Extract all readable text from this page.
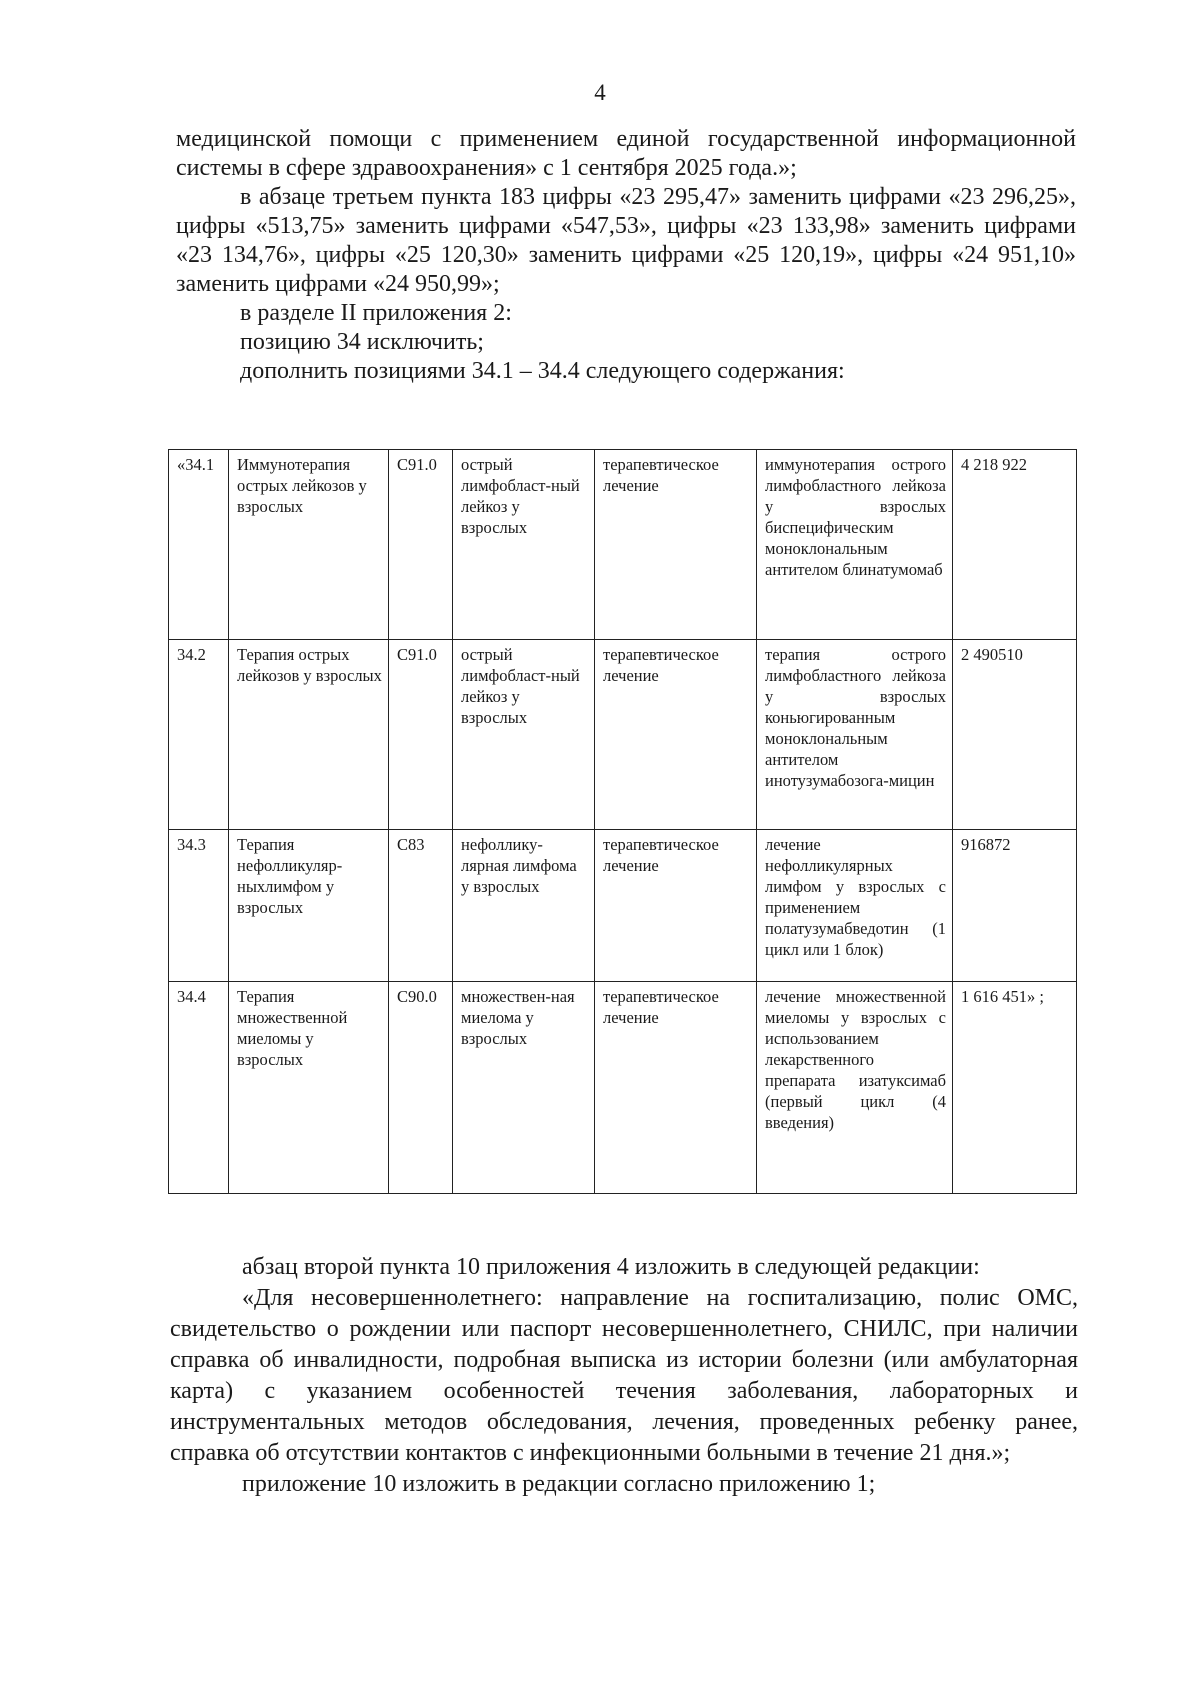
4

медицинской помощи с применением единой государственной информационной системы в сфере здравоохранения» с 1 сентября 2025 года.»;

в абзаце третьем пункта 183 цифры «23 295,47» заменить цифрами «23 296,25», цифры «513,75» заменить цифрами «547,53», цифры «23 133,98» заменить цифрами «23 134,76», цифры «25 120,30» заменить цифрами «25 120,19», цифры «24 951,10» заменить цифрами «24 950,99»;

в разделе II приложения 2:

позицию 34 исключить;

дополнить позициями 34.1 – 34.4 следующего содержания:

«34.1	Иммунотерапия острых лейкозов у взрослых	C91.0	острый лимфобласт-ный лейкоз у взрослых	терапевтическое лечение	иммунотерапия острого лимфобластного лейкоза у взрослых биспецифическим моноклональным антителом блинатумомаб	4 218 922
34.2	Терапия острых лейкозов у взрослых	C91.0	острый лимфобласт-ный лейкоз у взрослых	терапевтическое лечение	терапия острого лимфобластного лейкоза у взрослых коньюгированным моноклональным антителом инотузумабозога-мицин	2 490510
34.3	Терапия нефолликуляр-ныхлимфом у взрослых	C83	нефоллику-лярная лимфома у взрослых	терапевтическое лечение	лечение нефолликулярных лимфом у взрослых с применением полатузумабведотин (1 цикл или 1 блок)	916872
34.4	Терапия множественной миеломы у взрослых	C90.0	множествен-ная миелома у взрослых	терапевтическое лечение	лечение множественной миеломы у взрослых с использованием лекарственного препарата изатуксимаб (первый цикл (4 введения)	1 616 451» ;

абзац второй пункта 10 приложения 4 изложить в следующей редакции:

«Для несовершеннолетнего: направление на госпитализацию, полис ОМС, свидетельство о рождении или паспорт несовершеннолетнего, СНИЛС, при наличии справка об инвалидности, подробная выписка из истории болезни (или амбулаторная карта) с указанием особенностей течения заболевания, лабораторных и инструментальных методов обследования, лечения, проведенных ребенку ранее, справка об отсутствии контактов с инфекционными больными в течение 21 дня.»;

приложение 10 изложить в редакции согласно приложению 1;
